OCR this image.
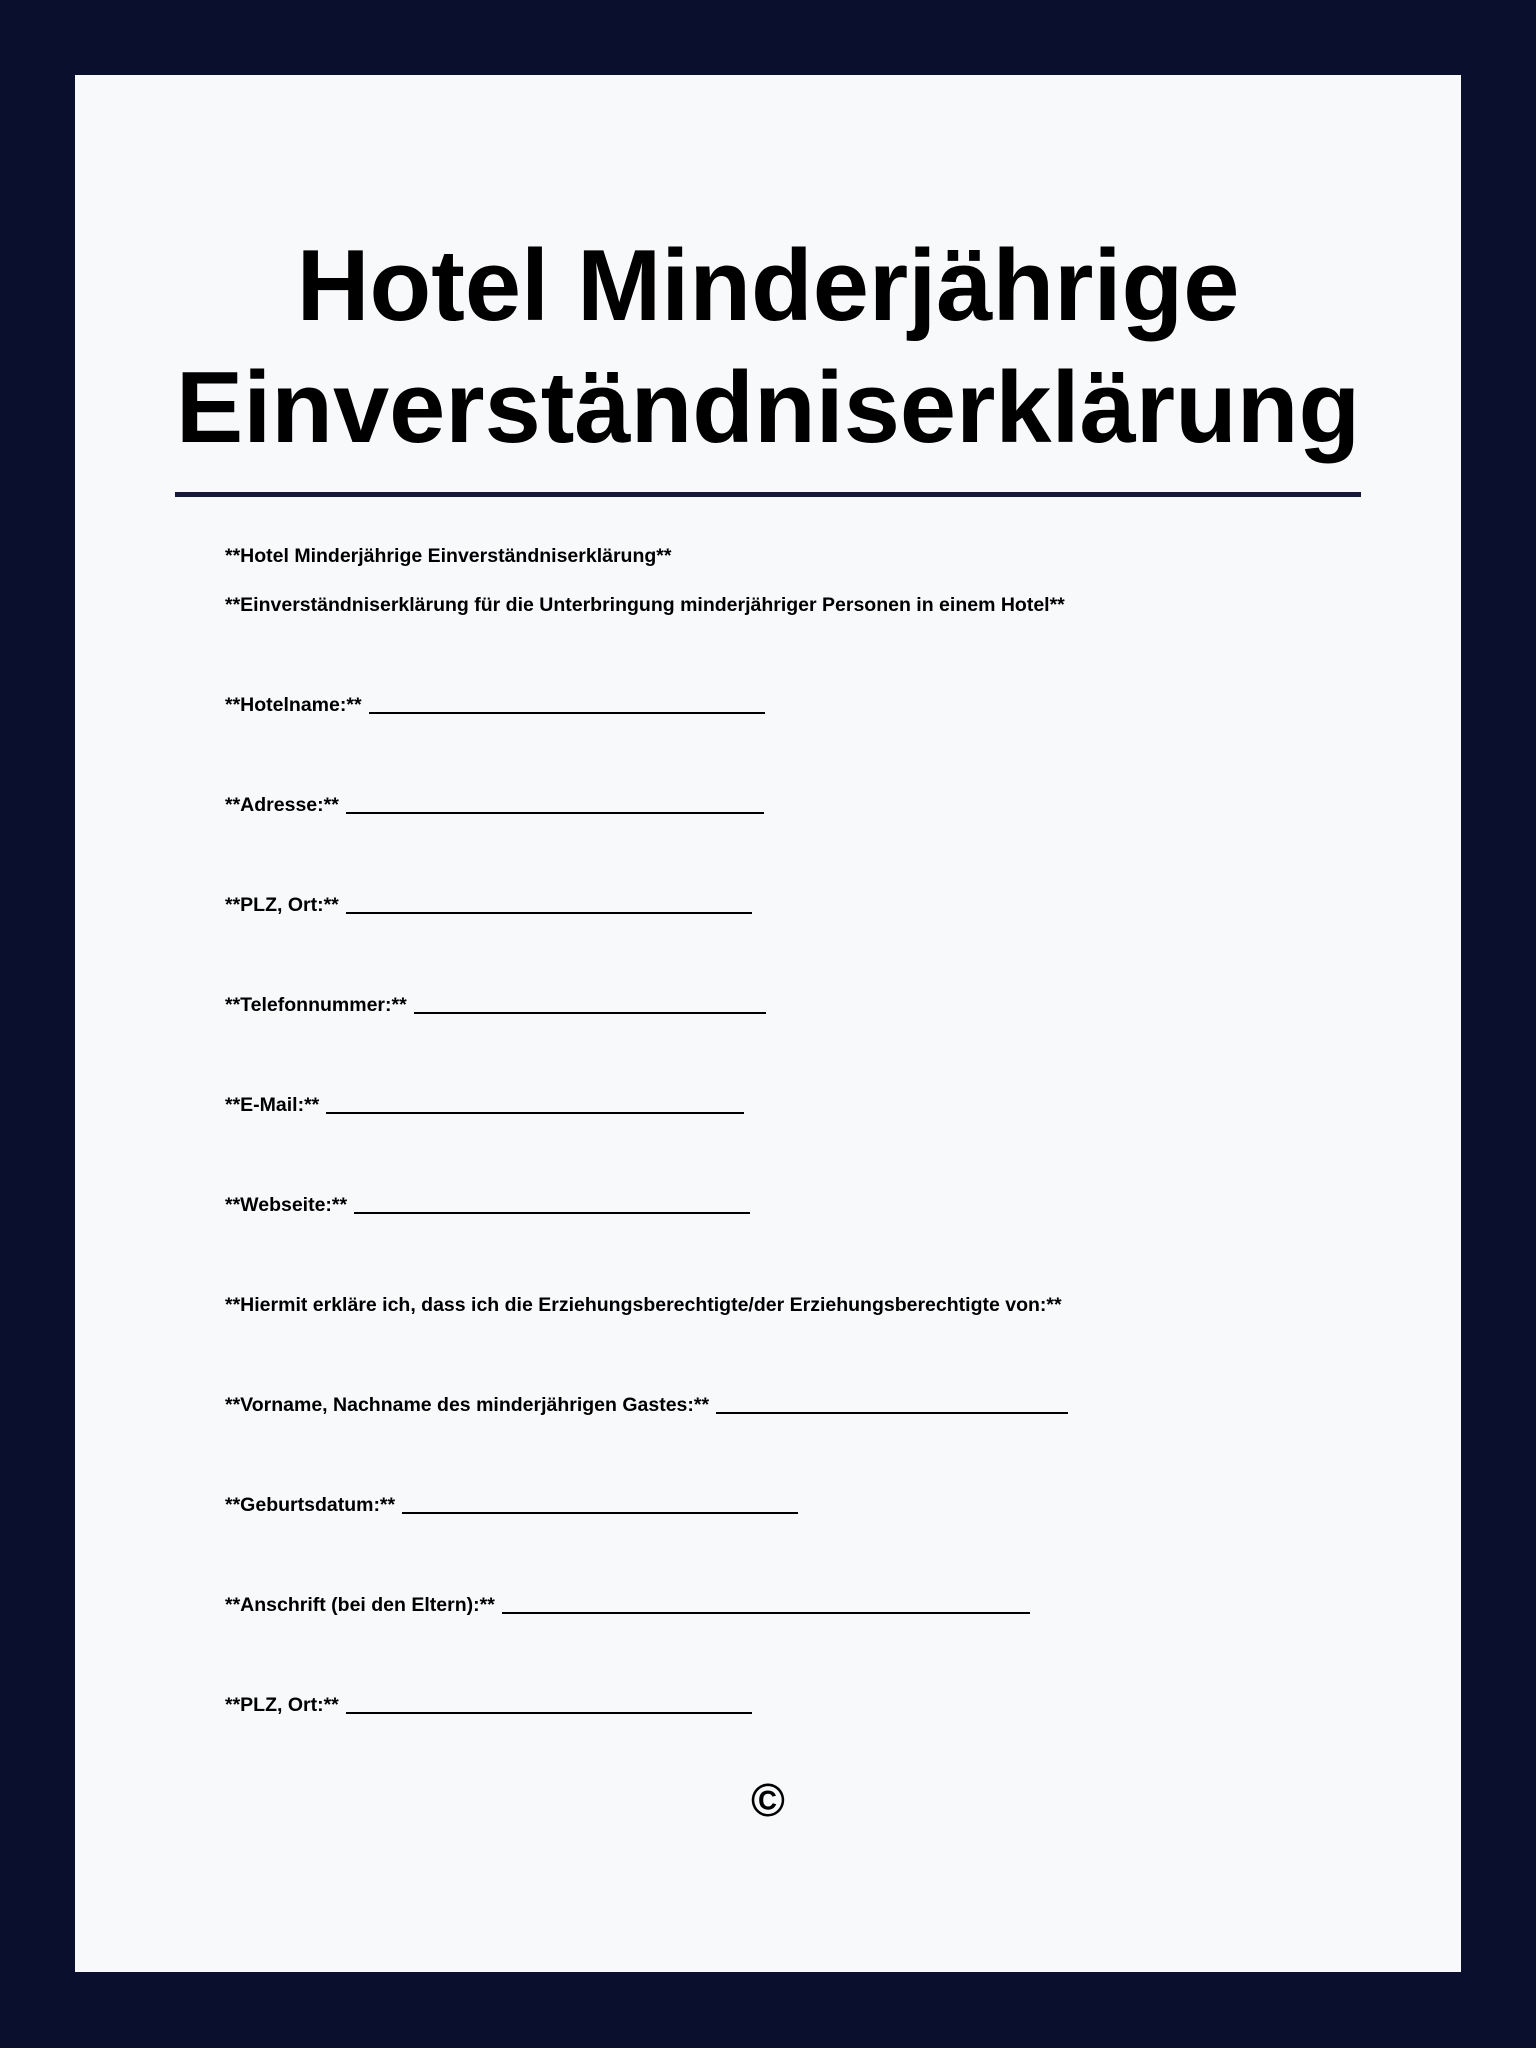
Hotel Minderjährige
Einverständniserklärung

**Hotel Minderjährige Einverständniserklärung**

**Einverständniserklärung für die Unterbringung minderjähriger Personen in einem Hotel**

**Hotelname:**
**Adresse:**
**PLZ, Ort:**
**Telefonnummer:**
**E-Mail:**
**Webseite:**

**Hiermit erkläre ich, dass ich die Erziehungsberechtigte/der Erziehungsberechtigte von:**

**Vorname, Nachname des minderjährigen Gastes:**
**Geburtsdatum:**
**Anschrift (bei den Eltern):**
**PLZ, Ort:**
©
